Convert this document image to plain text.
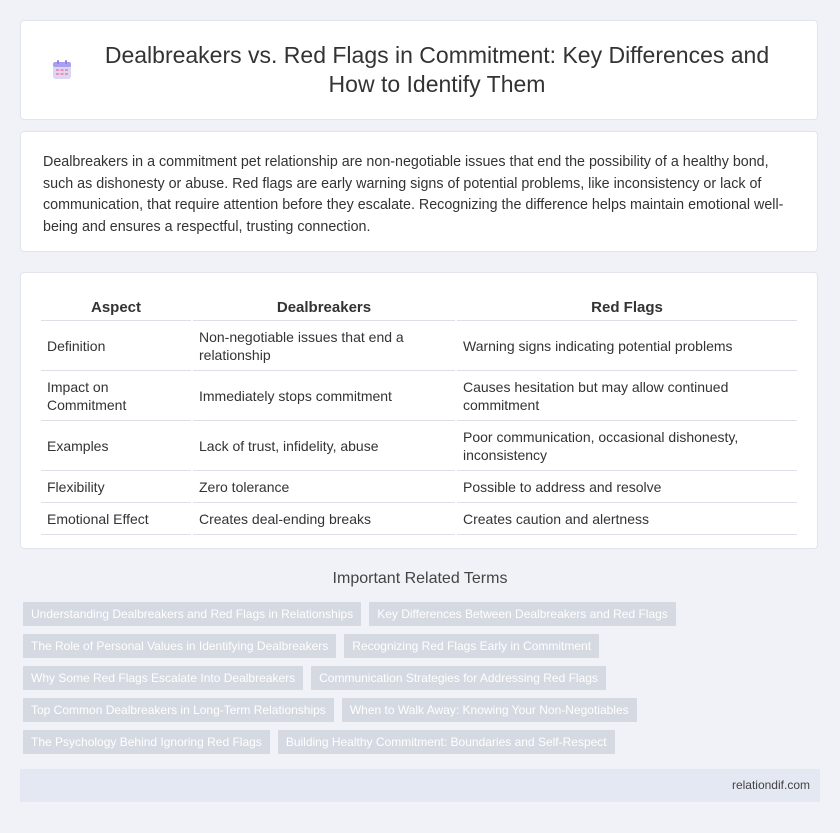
Dealbreakers vs. Red Flags in Commitment: Key Differences and How to Identify Them

Dealbreakers in a commitment pet relationship are non-negotiable issues that end the possibility of a healthy bond, such as dishonesty or abuse. Red flags are early warning signs of potential problems, like inconsistency or lack of communication, that require attention before they escalate. Recognizing the difference helps maintain emotional well-being and ensures a respectful, trusting connection.

Aspect	Dealbreakers	Red Flags
Definition	Non-negotiable issues that end a relationship	Warning signs indicating potential problems
Impact on Commitment	Immediately stops commitment	Causes hesitation but may allow continued commitment
Examples	Lack of trust, infidelity, abuse	Poor communication, occasional dishonesty, inconsistency
Flexibility	Zero tolerance	Possible to address and resolve
Emotional Effect	Creates deal-ending breaks	Creates caution and alertness
Important Related Terms
Understanding Dealbreakers and Red Flags in Relationships	Key Differences Between Dealbreakers and Red Flags
The Role of Personal Values in Identifying Dealbreakers	Recognizing Red Flags Early in Commitment
Why Some Red Flags Escalate Into Dealbreakers	Communication Strategies for Addressing Red Flags
Top Common Dealbreakers in Long-Term Relationships	When to Walk Away: Knowing Your Non-Negotiables
The Psychology Behind Ignoring Red Flags	Building Healthy Commitment: Boundaries and Self-Respect
relationdif.com
